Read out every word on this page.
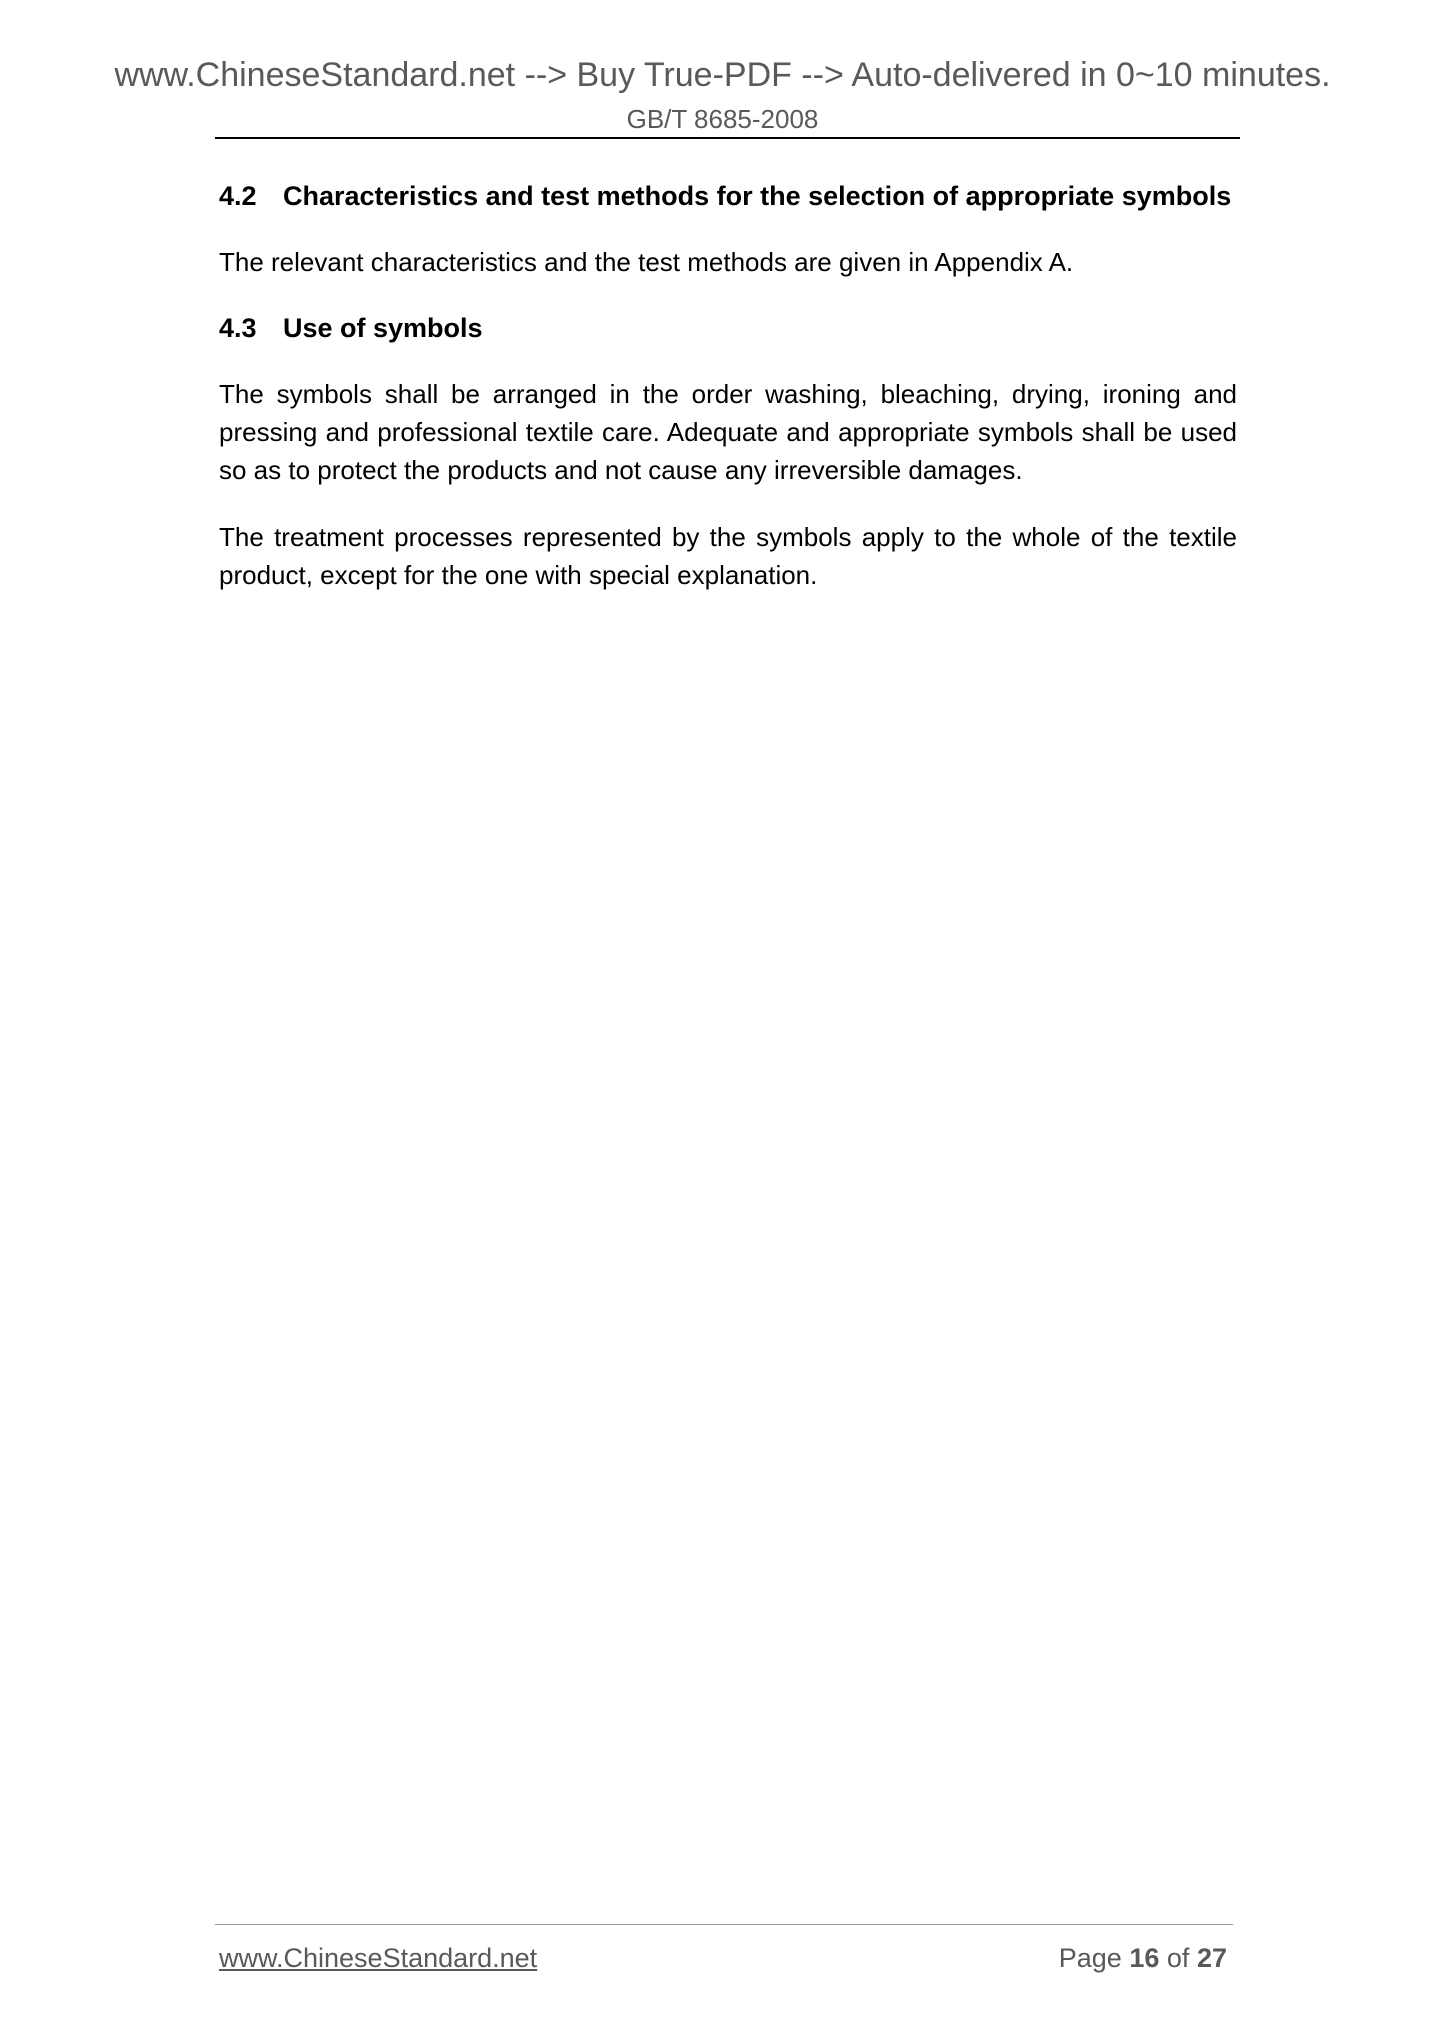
www.ChineseStandard.net --> Buy True-PDF --> Auto-delivered in 0~10 minutes.
GB/T 8685-2008

4.2 Characteristics and test methods for the selection of appropriate symbols

The relevant characteristics and the test methods are given in Appendix A.

4.3 Use of symbols

The symbols shall be arranged in the order washing, bleaching, drying, ironing and pressing and professional textile care. Adequate and appropriate symbols shall be used so as to protect the products and not cause any irreversible damages.

The treatment processes represented by the symbols apply to the whole of the textile product, except for the one with special explanation.

www.ChineseStandard.net	Page 16 of 27
